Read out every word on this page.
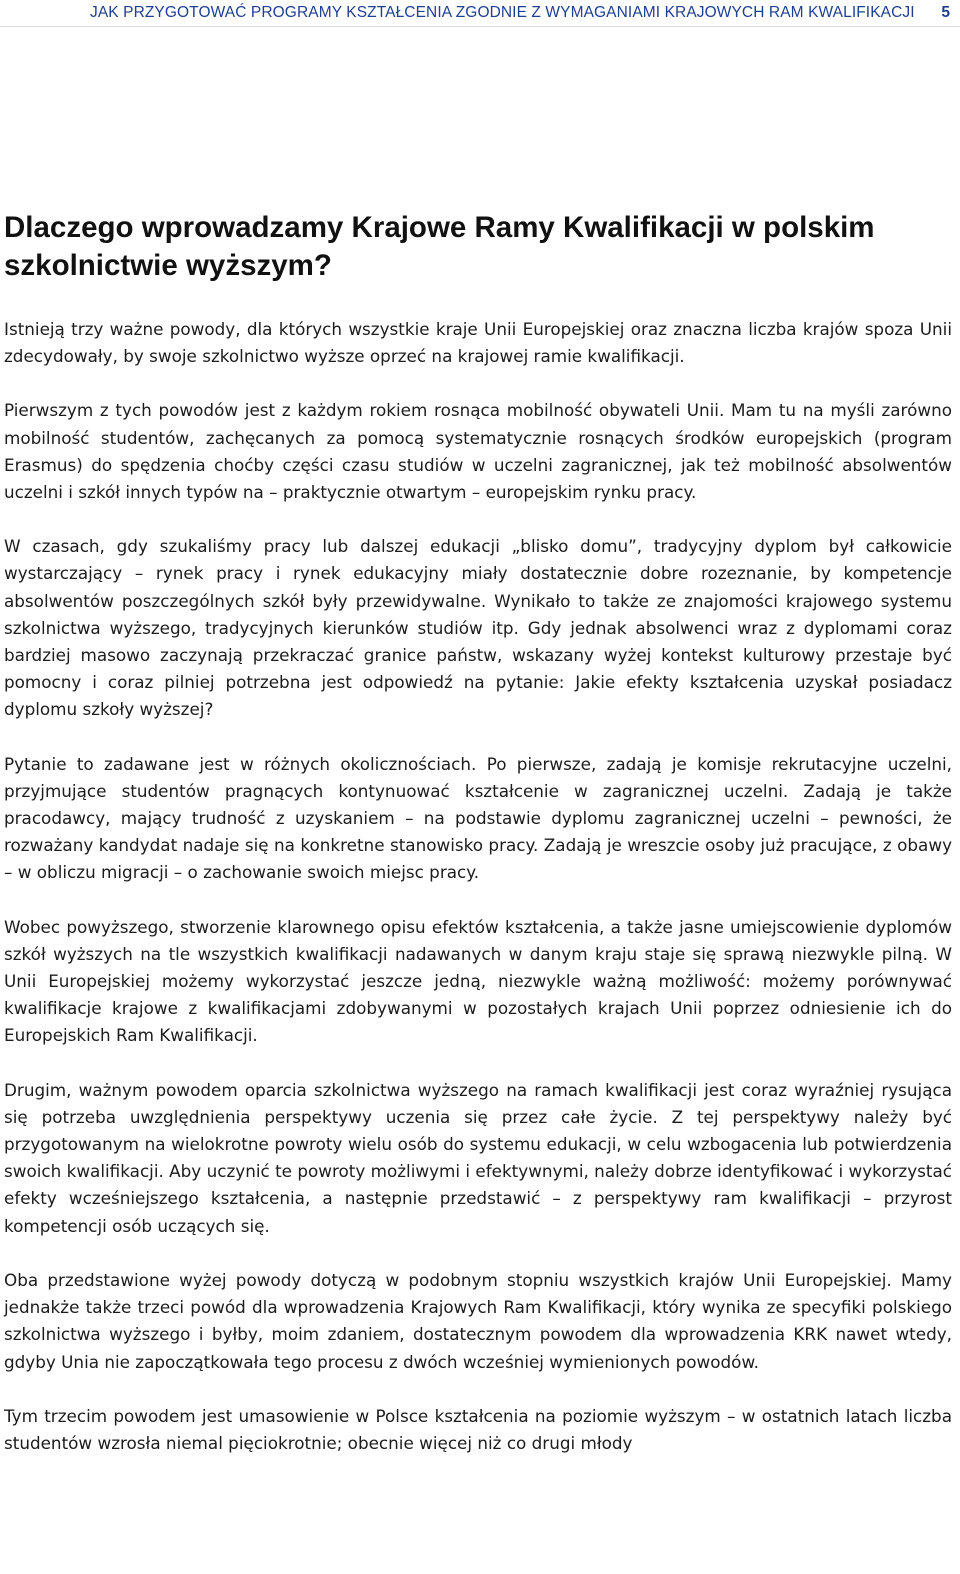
JAK PRZYGOTOWAĆ PROGRAMY KSZTAŁCENIA ZGODNIE Z WYMAGANIAMI KRAJOWYCH RAM KWALIFIKACJI 5
Dlaczego wprowadzamy Krajowe Ramy Kwalifikacji w polskim szkolnictwie wyższym?

Istnieją trzy ważne powody, dla których wszystkie kraje Unii Europejskiej oraz znaczna liczba krajów spoza Unii zdecydowały, by swoje szkolnictwo wyższe oprzeć na krajowej ramie kwalifikacji.

Pierwszym z tych powodów jest z każdym rokiem rosnąca mobilność obywateli Unii. Mam tu na myśli zarówno mobilność studentów, zachęcanych za pomocą systematycznie rosnących środków europejskich (program Erasmus) do spędzenia choćby części czasu studiów w uczelni zagranicznej, jak też mobilność absolwentów uczelni i szkół innych typów na – praktycznie otwartym – europejskim rynku pracy.

W czasach, gdy szukaliśmy pracy lub dalszej edukacji „blisko domu”, tradycyjny dyplom był całkowicie wystarczający – rynek pracy i rynek edukacyjny miały dostatecznie dobre rozeznanie, by kompetencje absolwentów poszczególnych szkół były przewidywalne. Wynikało to także ze znajomości krajowego systemu szkolnictwa wyższego, tradycyjnych kierunków studiów itp. Gdy jednak absolwenci wraz z dyplomami coraz bardziej masowo zaczynają przekraczać granice państw, wskazany wyżej kontekst kulturowy przestaje być pomocny i coraz pilniej potrzebna jest odpowiedź na pytanie: Jakie efekty kształcenia uzyskał posiadacz dyplomu szkoły wyższej?

Pytanie to zadawane jest w różnych okolicznościach. Po pierwsze, zadają je komisje rekrutacyjne uczelni, przyjmujące studentów pragnących kontynuować kształcenie w zagranicznej uczelni. Zadają je także pracodawcy, mający trudność z uzyskaniem – na podstawie dyplomu zagranicznej uczelni – pewności, że rozważany kandydat nadaje się na konkretne stanowisko pracy. Zadają je wreszcie osoby już pracujące, z obawy – w obliczu migracji – o zachowanie swoich miejsc pracy.

Wobec powyższego, stworzenie klarownego opisu efektów kształcenia, a także jasne umiejscowienie dyplomów szkół wyższych na tle wszystkich kwalifikacji nadawanych w danym kraju staje się sprawą niezwykle pilną. W Unii Europejskiej możemy wykorzystać jeszcze jedną, niezwykle ważną możliwość: możemy porównywać kwalifikacje krajowe z kwalifikacjami zdobywanymi w pozostałych krajach Unii poprzez odniesienie ich do Europejskich Ram Kwalifikacji.

Drugim, ważnym powodem oparcia szkolnictwa wyższego na ramach kwalifikacji jest coraz wyraźniej rysująca się potrzeba uwzględnienia perspektywy uczenia się przez całe życie. Z tej perspektywy należy być przygotowanym na wielokrotne powroty wielu osób do systemu edukacji, w celu wzbogacenia lub potwierdzenia swoich kwalifikacji. Aby uczynić te powroty możliwymi i efektywnymi, należy dobrze identyfikować i wykorzystać efekty wcześniejszego kształcenia, a następnie przedstawić – z perspektywy ram kwalifikacji – przyrost kompetencji osób uczących się.

Oba przedstawione wyżej powody dotyczą w podobnym stopniu wszystkich krajów Unii Europejskiej. Mamy jednakże także trzeci powód dla wprowadzenia Krajowych Ram Kwalifikacji, który wynika ze specyfiki polskiego szkolnictwa wyższego i byłby, moim zdaniem, dostatecznym powodem dla wprowadzenia KRK nawet wtedy, gdyby Unia nie zapoczątkowała tego procesu z dwóch wcześniej wymienionych powodów.

Tym trzecim powodem jest umasowienie w Polsce kształcenia na poziomie wyższym – w ostatnich latach liczba studentów wzrosła niemal pięciokrotnie; obecnie więcej niż co drugi młody
